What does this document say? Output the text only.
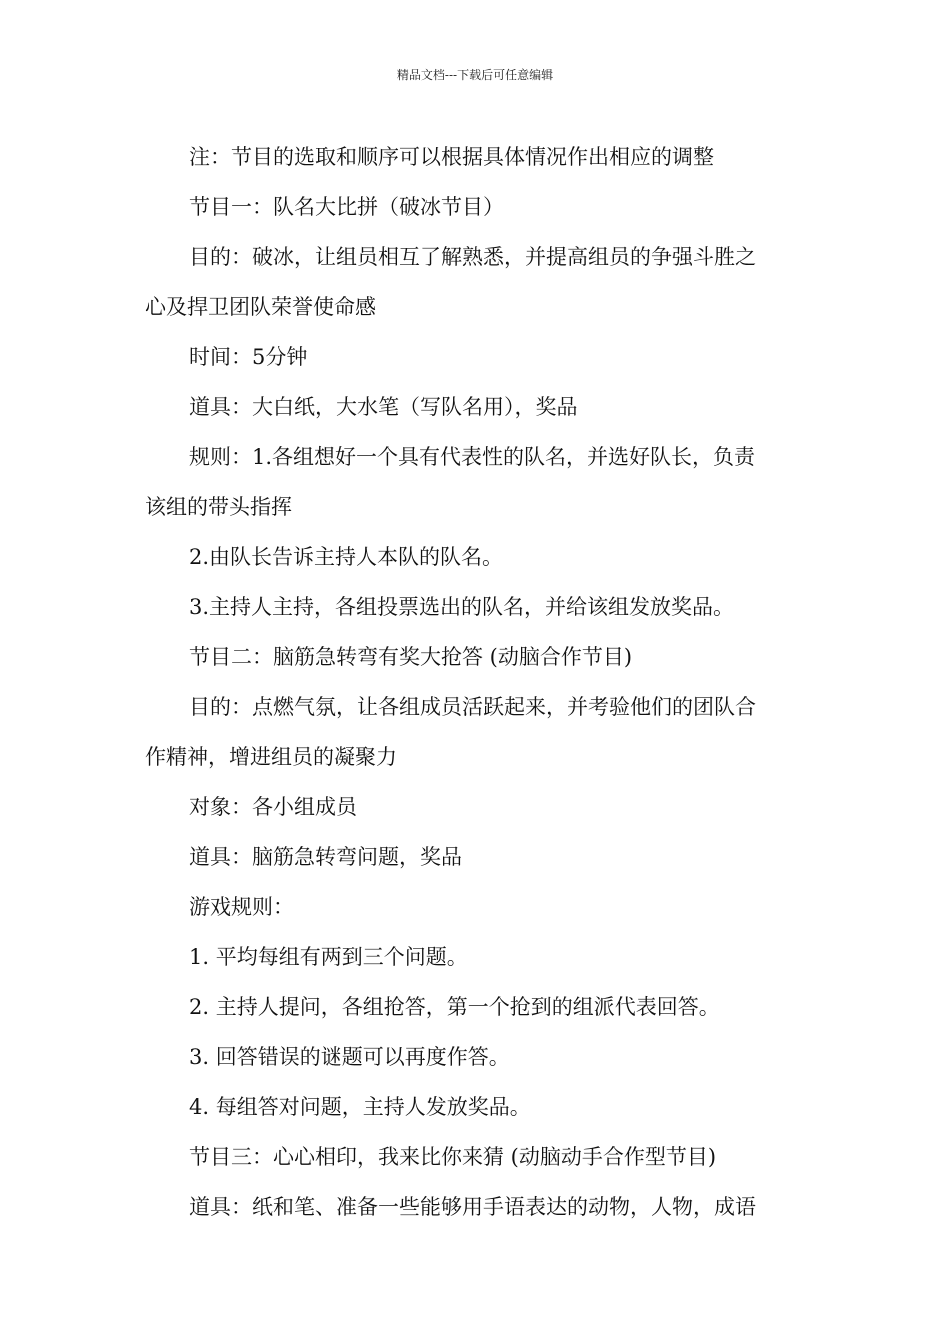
精品文档---下载后可任意编辑

注：节目的选取和顺序可以根据具体情况作出相应的调整

节目一：队名大比拼（破冰节目）

目的：破冰，让组员相互了解熟悉，并提高组员的争强斗胜之

心及捍卫团队荣誉使命感

时间：5分钟

道具：大白纸，大水笔（写队名用），奖品

规则：1.各组想好一个具有代表性的队名，并选好队长，负责

该组的带头指挥

2.由队长告诉主持人本队的队名。

3.主持人主持，各组投票选出的队名，并给该组发放奖品。

节目二：脑筋急转弯有奖大抢答 (动脑合作节目)

目的：点燃气氛，让各组成员活跃起来，并考验他们的团队合

作精神，增进组员的凝聚力

对象：各小组成员

道具：脑筋急转弯问题，奖品

游戏规则：

1. 平均每组有两到三个问题。

2. 主持人提问，各组抢答，第一个抢到的组派代表回答。

3. 回答错误的谜题可以再度作答。

4. 每组答对问题，主持人发放奖品。

节目三：心心相印，我来比你来猜 (动脑动手合作型节目)

道具：纸和笔、准备一些能够用手语表达的动物，人物，成语
